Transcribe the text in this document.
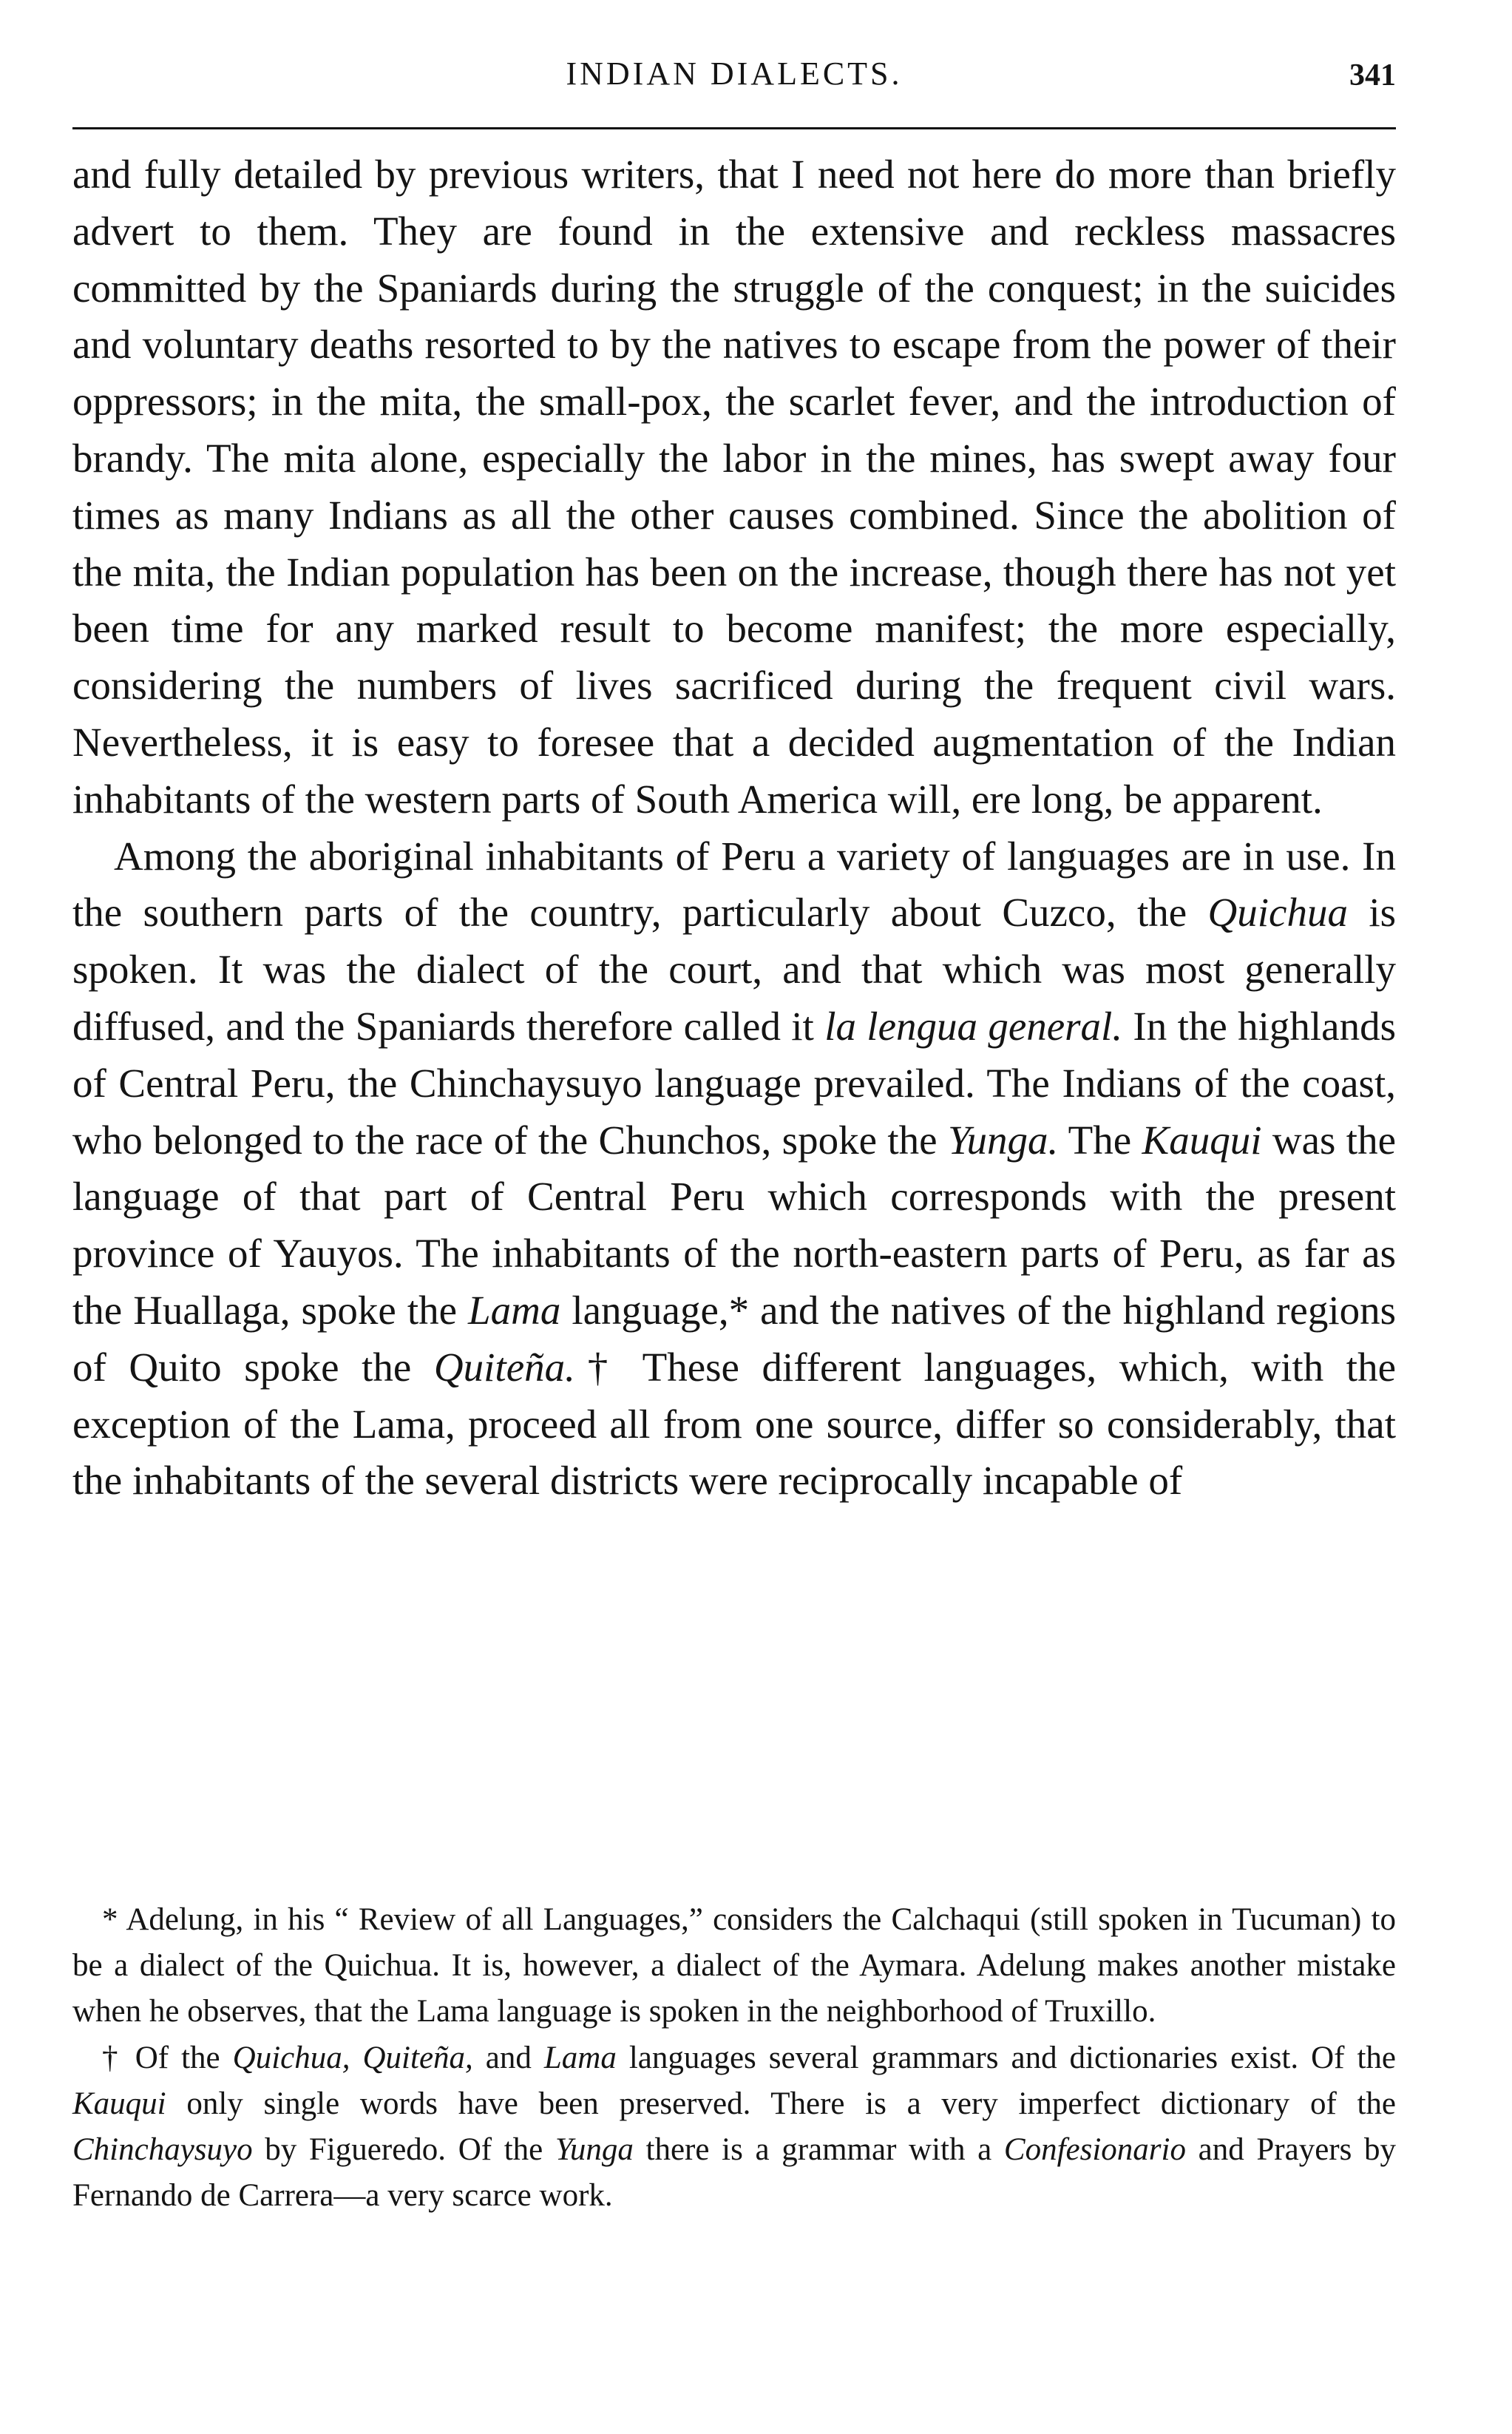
INDIAN DIALECTS.	341

and fully detailed by previous writers, that I need not here do more than briefly advert to them. They are found in the extensive and reckless massacres committed by the Spaniards during the struggle of the conquest; in the suicides and voluntary deaths resorted to by the natives to escape from the power of their oppressors; in the mita, the small-pox, the scarlet fever, and the introduction of brandy. The mita alone, especially the labor in the mines, has swept away four times as many Indians as all the other causes combined. Since the abolition of the mita, the Indian population has been on the increase, though there has not yet been time for any marked result to become manifest; the more especially, considering the numbers of lives sacrificed during the frequent civil wars. Nevertheless, it is easy to foresee that a decided augmentation of the Indian inhabitants of the western parts of South America will, ere long, be apparent.

Among the aboriginal inhabitants of Peru a variety of languages are in use. In the southern parts of the country, particularly about Cuzco, the Quichua is spoken. It was the dialect of the court, and that which was most generally diffused, and the Spaniards therefore called it la lengua general. In the highlands of Central Peru, the Chinchaysuyo language prevailed. The Indians of the coast, who belonged to the race of the Chunchos, spoke the Yunga. The Kauqui was the language of that part of Central Peru which corresponds with the present province of Yauyos. The inhabitants of the north-eastern parts of Peru, as far as the Huallaga, spoke the Lama language,* and the natives of the highland regions of Quito spoke the Quiteña.† These different languages, which, with the exception of the Lama, proceed all from one source, differ so considerably, that the inhabitants of the several districts were reciprocally incapable of

* Adelung, in his “ Review of all Languages,” considers the Calchaqui (still spoken in Tucuman) to be a dialect of the Quichua. It is, however, a dialect of the Aymara. Adelung makes another mistake when he observes, that the Lama language is spoken in the neighborhood of Truxillo.

† Of the Quichua, Quiteña, and Lama languages several grammars and dictionaries exist. Of the Kauqui only single words have been preserved. There is a very imperfect dictionary of the Chinchaysuyo by Figueredo. Of the Yunga there is a grammar with a Confesionario and Prayers by Fernando de Carrera—a very scarce work.
